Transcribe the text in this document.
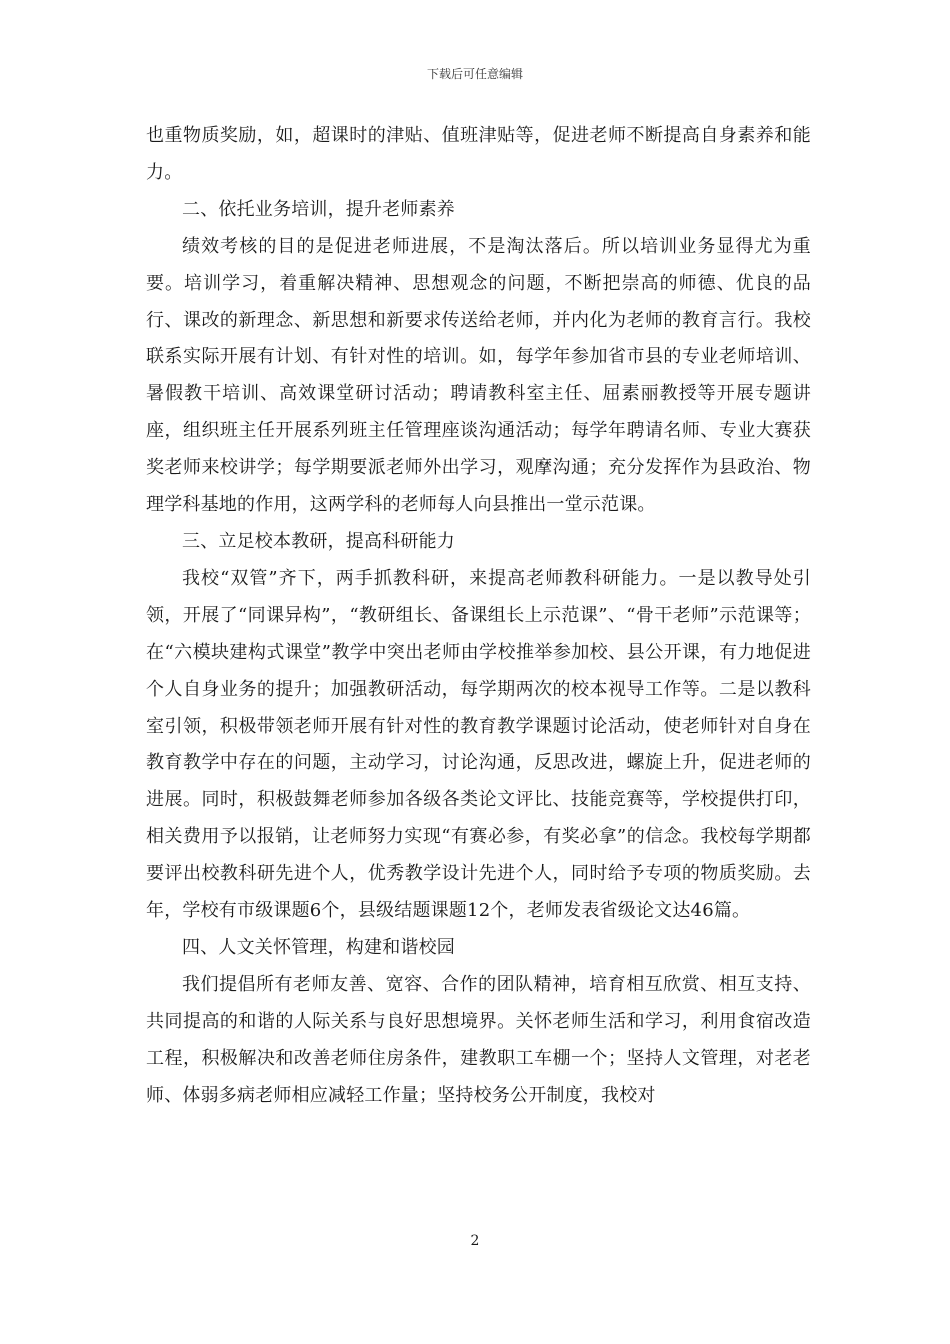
下载后可任意编辑

也重物质奖励，如，超课时的津贴、值班津贴等，促进老师不断提高自身素养和能力。

二、依托业务培训，提升老师素养

绩效考核的目的是促进老师进展，不是淘汰落后。所以培训业务显得尤为重要。培训学习，着重解决精神、思想观念的问题，不断把崇高的师德、优良的品行、课改的新理念、新思想和新要求传送给老师，并内化为老师的教育言行。我校联系实际开展有计划、有针对性的培训。如，每学年参加省市县的专业老师培训、暑假教干培训、高效课堂研讨活动；聘请教科室主任、屈素丽教授等开展专题讲座，组织班主任开展系列班主任管理座谈沟通活动；每学年聘请名师、专业大赛获奖老师来校讲学；每学期要派老师外出学习，观摩沟通；充分发挥作为县政治、物理学科基地的作用，这两学科的老师每人向县推出一堂示范课。

三、立足校本教研，提高科研能力

我校“双管”齐下，两手抓教科研，来提高老师教科研能力。一是以教导处引领，开展了“同课异构”，“教研组长、备课组长上示范课”、“骨干老师”示范课等；在“六模块建构式课堂”教学中突出老师由学校推举参加校、县公开课，有力地促进个人自身业务的提升；加强教研活动，每学期两次的校本视导工作等。二是以教科室引领，积极带领老师开展有针对性的教育教学课题讨论活动，使老师针对自身在教育教学中存在的问题，主动学习，讨论沟通，反思改进，螺旋上升，促进老师的进展。同时，积极鼓舞老师参加各级各类论文评比、技能竞赛等，学校提供打印，相关费用予以报销，让老师努力实现“有赛必参，有奖必拿”的信念。我校每学期都要评出校教科研先进个人，优秀教学设计先进个人，同时给予专项的物质奖励。去年，学校有市级课题6个，县级结题课题12个，老师发表省级论文达46篇。

四、人文关怀管理，构建和谐校园

我们提倡所有老师友善、宽容、合作的团队精神，培育相互欣赏、相互支持、共同提高的和谐的人际关系与良好思想境界。关怀老师生活和学习，利用食宿改造工程，积极解决和改善老师住房条件，建教职工车棚一个；坚持人文管理，对老老师、体弱多病老师相应减轻工作量；坚持校务公开制度，我校对

2
